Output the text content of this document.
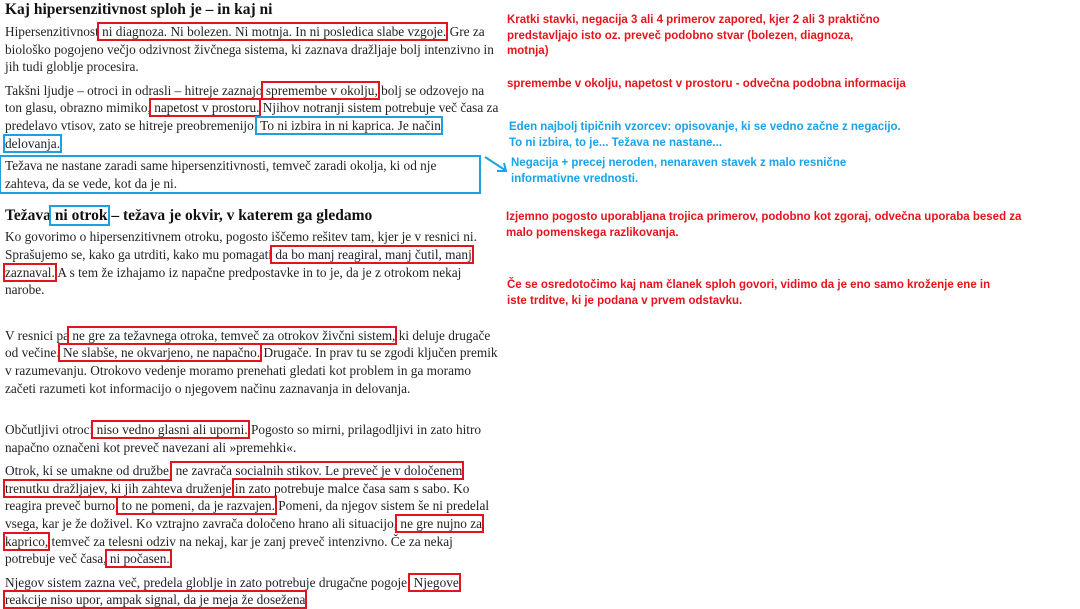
Kaj hipersenzitivnost sploh je – in kaj ni

Hipersenzitivnost ni diagnoza. Ni bolezen. Ni motnja. In ni posledica slabe vzgoje. Gre za biološko pogojeno večjo odzivnost živčnega sistema, ki zaznava dražljaje bolj intenzivno in jih tudi globlje procesira.

Takšni ljudje – otroci in odrasli – hitreje zaznajo spremembe v okolju, bolj se odzovejo na ton glasu, obrazno mimiko, napetost v prostoru. Njihov notranji sistem potrebuje več časa za predelavo vtisov, zato se hitreje preobremenijo. To ni izbira in ni kaprica. Je način delovanja.

Težava ne nastane zaradi same hipersenzitivnosti, temveč zaradi okolja, ki od nje zahteva, da se vede, kot da je ni.

Težava ni otrok – težava je okvir, v katerem ga gledamo

Ko govorimo o hipersenzitivnem otroku, pogosto iščemo rešitev tam, kjer je v resnici ni. Sprašujemo se, kako ga utrditi, kako mu pomagati da bo manj reagiral, manj čutil, manj zaznaval. A s tem že izhajamo iz napačne predpostavke in to je, da je z otrokom nekaj narobe.

V resnici pa ne gre za težavnega otroka, temveč za otrokov živčni sistem, ki deluje drugače od večine. Ne slabše, ne okvarjeno, ne napačno. Drugače. In prav tu se zgodi ključen premik v razumevanju. Otrokovo vedenje moramo prenehati gledati kot problem in ga moramo začeti razumeti kot informacijo o njegovem načinu zaznavanja in delovanja.

Občutljivi otroci niso vedno glasni ali uporni. Pogosto so mirni, prilagodljivi in zato hitro napačno označeni kot preveč navezani ali »premehki«.

Otrok, ki se umakne od družbe, ne zavrača socialnih stikov. Le preveč je v določenem trenutku dražljajev, ki jih zahteva druženje in zato potrebuje malce časa sam s sabo. Ko reagira preveč burno, to ne pomeni, da je razvajen. Pomeni, da njegov sistem še ni predelal vsega, kar je že doživel. Ko vztrajno zavrača določeno hrano ali situacijo, ne gre nujno za kaprico, temveč za telesni odziv na nekaj, kar je zanj preveč intenzivno. Če za nekaj potrebuje več časa, ni počasen.

Njegov sistem zazna več, predela globlje in zato potrebuje drugačne pogoje. Njegove reakcije niso upor, ampak signal, da je meja že dosežena

Kratki stavki, negacija 3 ali 4 primerov zapored, kjer 2 ali 3 praktično predstavljajo isto oz. preveč podobno stvar (bolezen, diagnoza, motnja)
spremembe v okolju, napetost v prostoru - odvečna podobna informacija
Eden najbolj tipičnih vzorcev: opisovanje, ki se vedno začne z negacijo. To ni izbira, to je... Težava ne nastane...
Negacija + precej neroden, nenaraven stavek z malo resnične informativne vrednosti.
Izjemno pogosto uporabljana trojica primerov, podobno kot zgoraj, odvečna uporaba besed za malo pomenskega razlikovanja.
Če se osredotočimo kaj nam članek sploh govori, vidimo da je eno samo kroženje ene in iste trditve, ki je podana v prvem odstavku.
